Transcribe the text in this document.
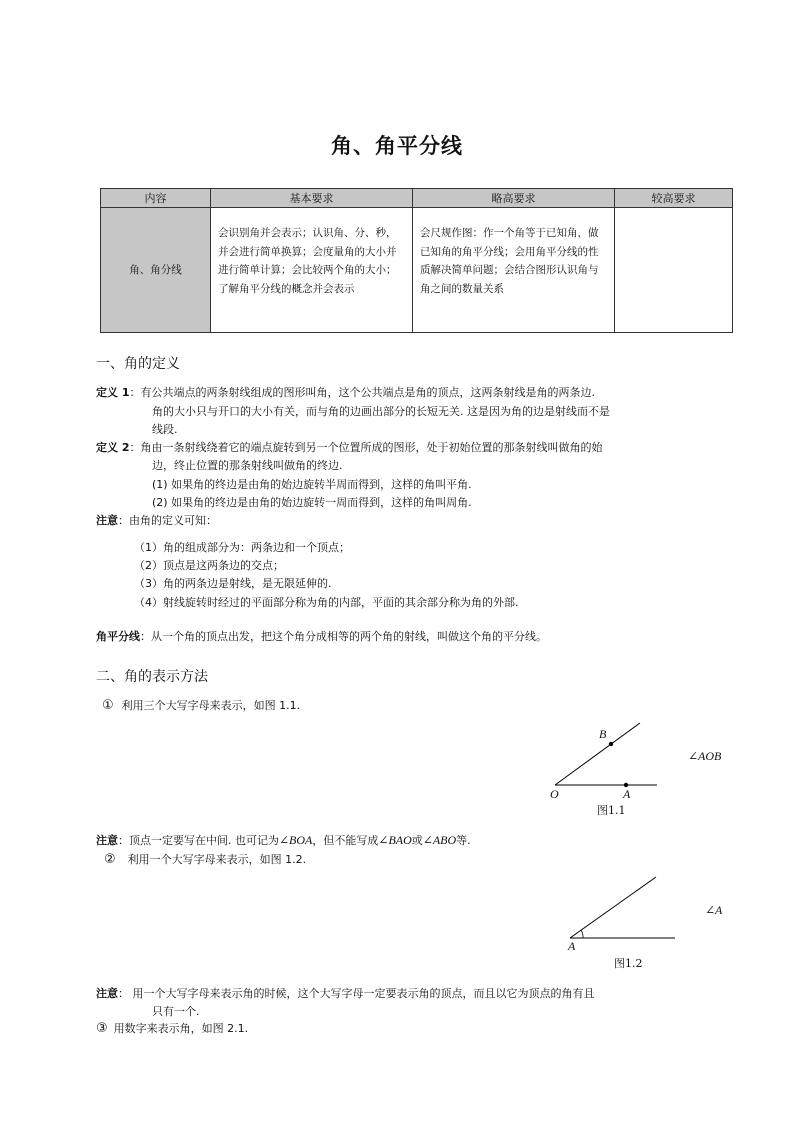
角、角平分线
内容	基本要求	略高要求	较高要求
角、角分线	会识别角并会表示；认识角、分、秒，并会进行简单换算；会度量角的大小并进行简单计算；会比较两个角的大小；了解角平分线的概念并会表示	会尺规作图：作一个角等于已知角，做已知角的角平分线；会用角平分线的性质解决简单问题；会结合图形认识角与角之间的数量关系	
一、角的定义
定义 1：有公共端点的两条射线组成的图形叫角，这个公共端点是角的顶点，这两条射线是角的两条边.
角的大小只与开口的大小有关，而与角的边画出部分的长短无关. 这是因为角的边是射线而不是
线段.
定义 2：角由一条射线绕着它的端点旋转到另一个位置所成的图形，处于初始位置的那条射线叫做角的始
边，终止位置的那条射线叫做角的终边.
(1) 如果角的终边是由角的始边旋转半周而得到，这样的角叫平角.
(2) 如果角的终边是由角的始边旋转一周而得到，这样的角叫周角.
注意：由角的定义可知：
（1）角的组成部分为：两条边和一个顶点；
（2）顶点是这两条边的交点；
（3）角的两条边是射线，是无限延伸的.
（4）射线旋转时经过的平面部分称为角的内部，平面的其余部分称为角的外部.
角平分线：从一个角的顶点出发，把这个角分成相等的两个角的射线，叫做这个角的平分线。
二、角的表示方法
① 利用三个大写字母来表示，如图 1.1.
B
O	A
∠AOB
图1.1
注意：顶点一定要写在中间. 也可记为∠BOA，但不能写成∠BAO或∠ABO等.
② 利用一个大写字母来表示，如图 1.2.
A
∠A
图1.2
注意： 用一个大写字母来表示角的时候，这个大写字母一定要表示角的顶点，而且以它为顶点的角有且
只有一个.
③ 用数字来表示角，如图 2.1.
